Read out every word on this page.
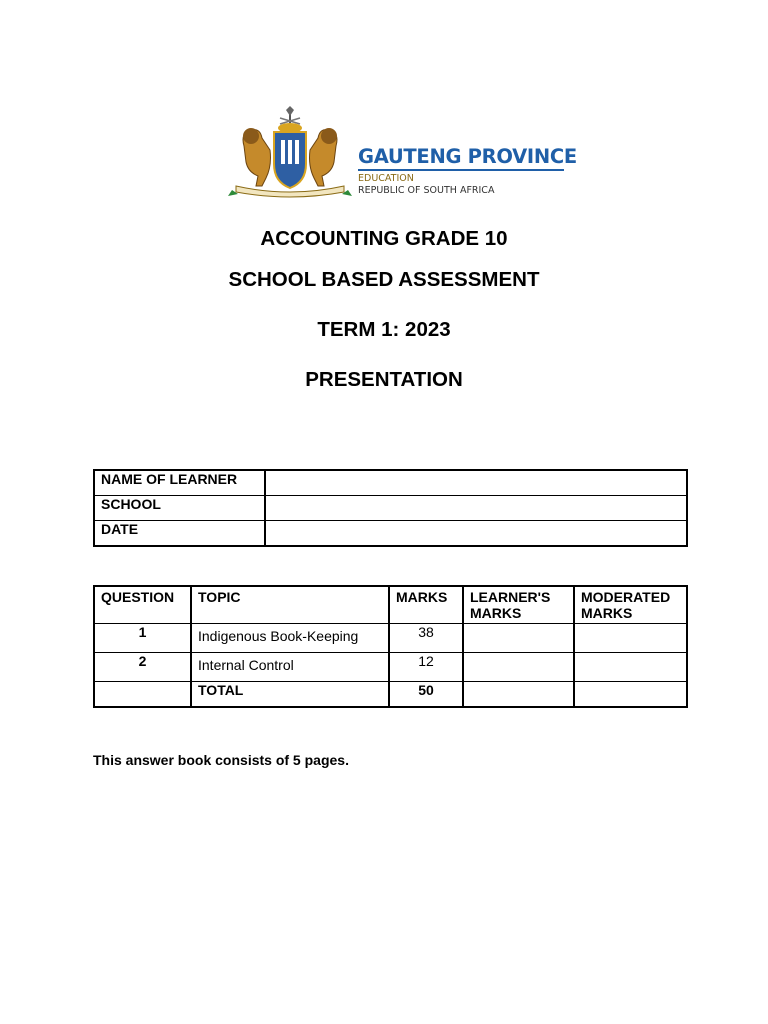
GAUTENG PROVINCE
EDUCATION
REPUBLIC OF SOUTH AFRICA
ACCOUNTING GRADE 10
SCHOOL BASED ASSESSMENT
TERM 1: 2023
PRESENTATION
NAME OF LEARNER	
SCHOOL	
DATE	
QUESTION	TOPIC	MARKS	LEARNER'S MARKS	MODERATED MARKS
1	Indigenous Book-Keeping	38		
2	Internal Control	12		
	TOTAL	50		
This answer book consists of 5 pages.
